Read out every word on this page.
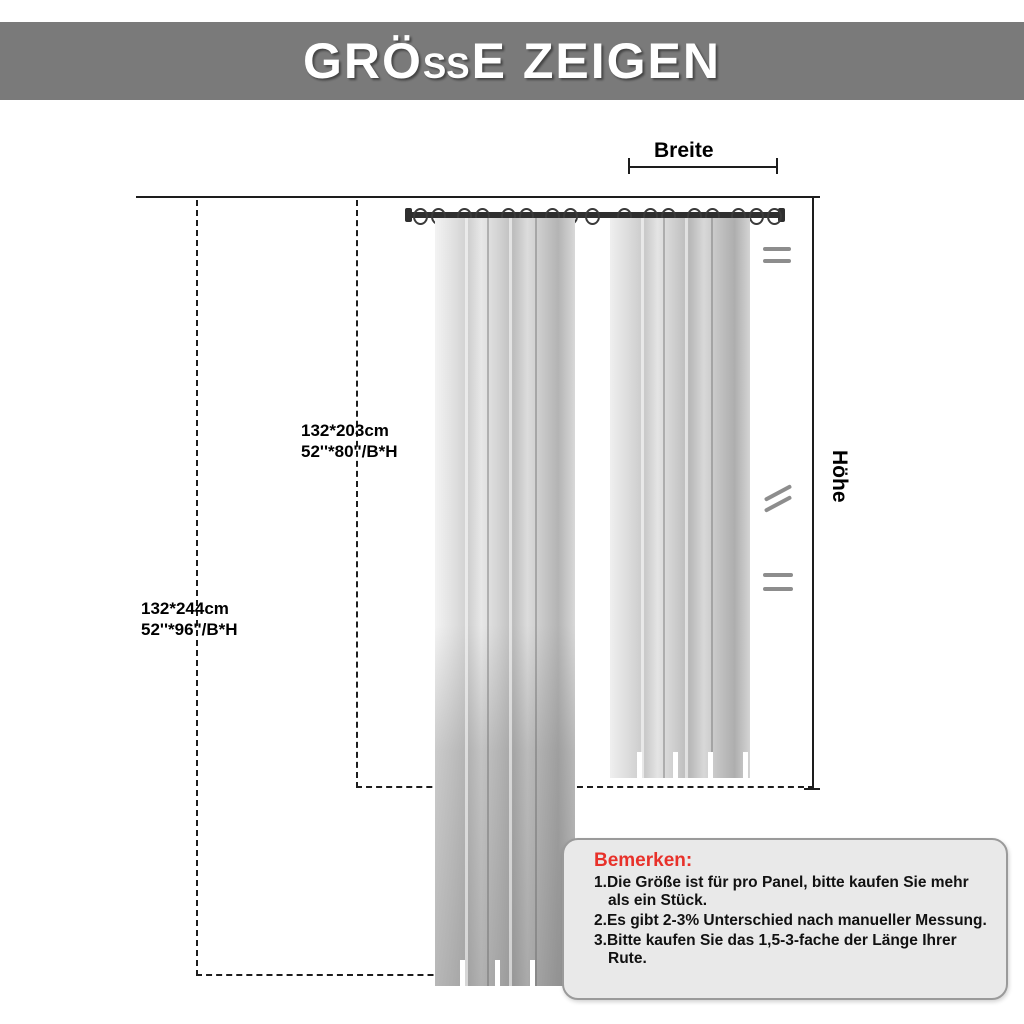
GRÖßE ZEIGEN
Breite
Höhe
132*203cm
52''*80''/B*H
132*244cm
52''*96''/B*H
Bemerken:
Die Größe ist für pro Panel, bitte kaufen Sie mehr als ein Stück.
Es gibt 2-3% Unterschied nach manueller Messung.
Bitte kaufen Sie das 1,5-3-fache der Länge Ihrer Rute.
